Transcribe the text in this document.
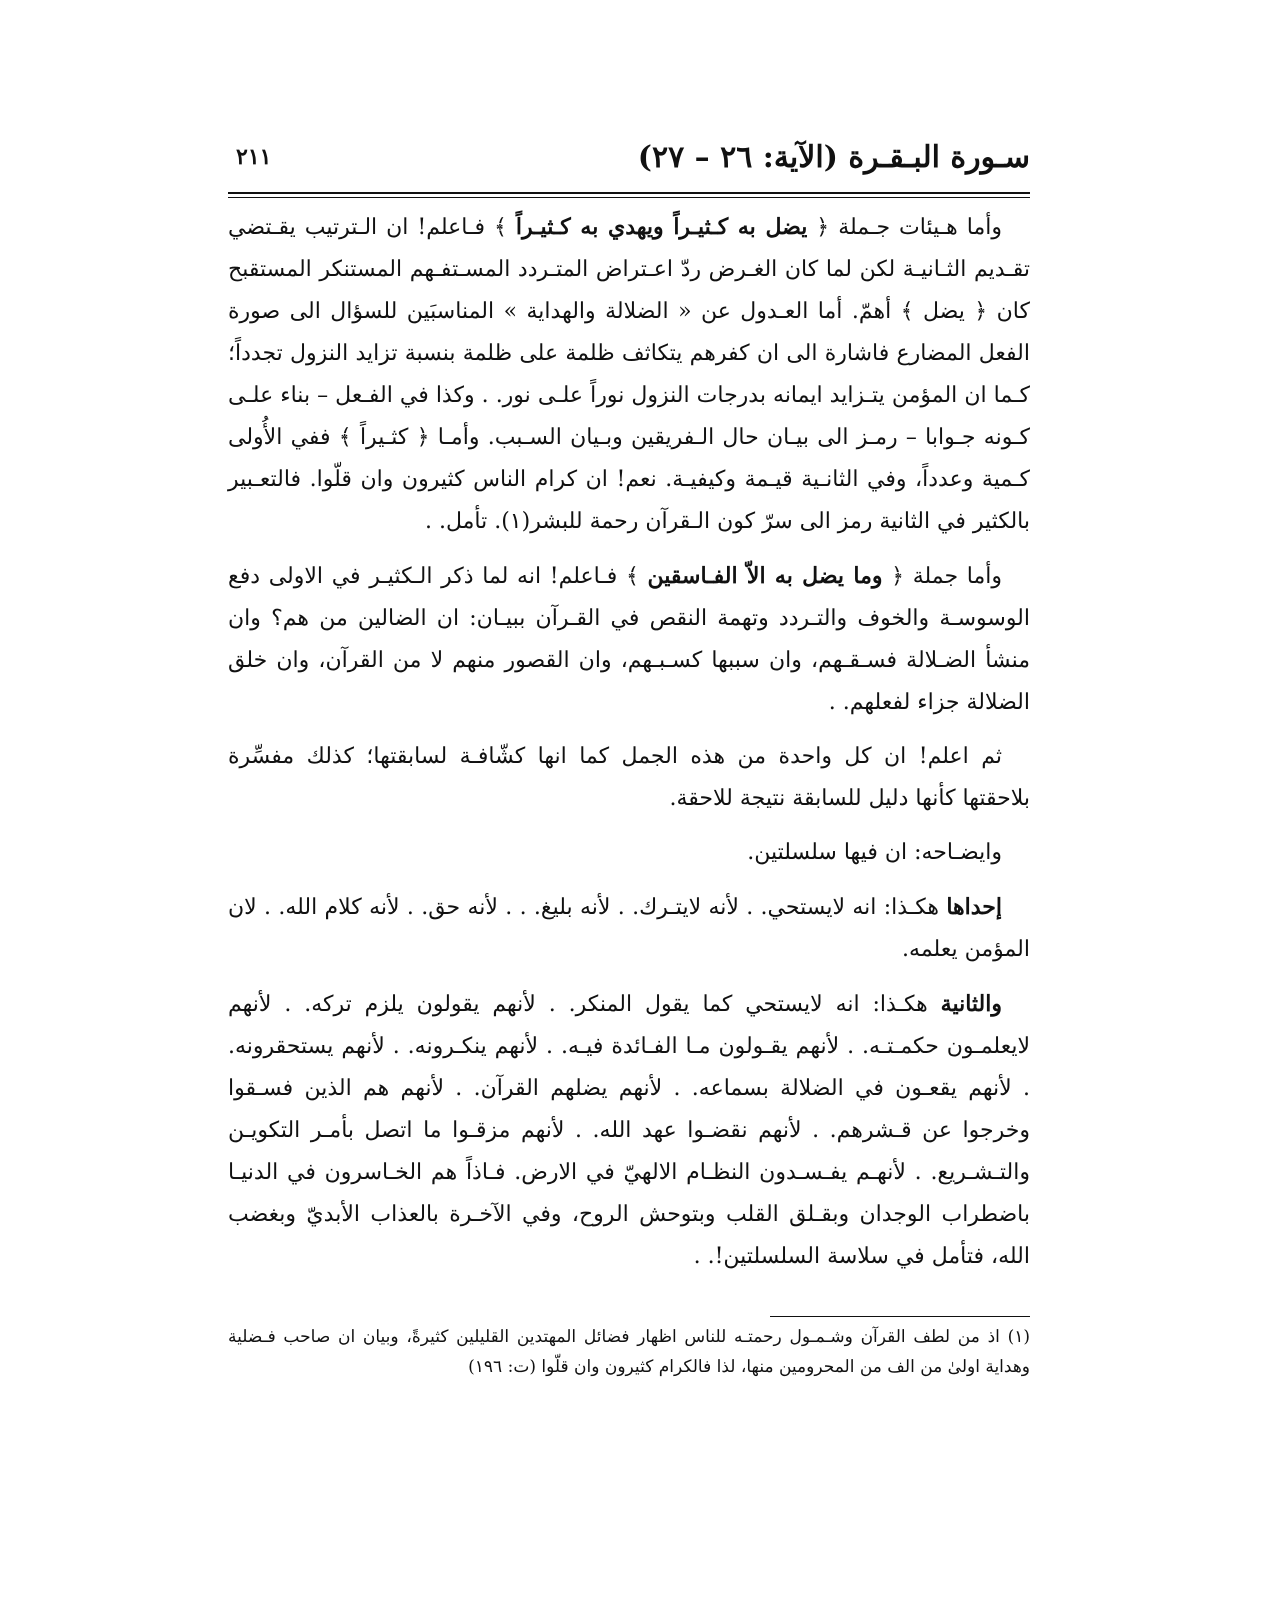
٢١١	سـورة البـقـرة (الآية: ٢٦ – ٢٧)

وأما هـيئات جـملة ﴿ يضل به كـثيـراً ويهدي به كـثيـراً ﴾ فـاعلم! ان الـترتيب يقـتضي تقـديم الثـانيـة لكن لما كان الغـرض ردّ اعـتراض المتـردد المسـتفـهم المستنكر المستقبح كان ﴿ يضل ﴾ أهمّ. أما العـدول عن « الضلالة والهداية » المناسبَين للسؤال الى صورة الفعل المضارع فاشارة الى ان كفرهم يتكاثف ظلمة على ظلمة بنسبة تزايد النزول تجدداً؛ كـما ان المؤمن يتـزايد ايمانه بدرجات النزول نوراً علـى نور. . وكذا في الفـعل – بناء علـى كـونه جـوابا – رمـز الى بيـان حال الـفريقين وبـيان السـبب. وأمـا ﴿ كثـيراً ﴾ ففي الأُولى كـمية وعدداً، وفي الثانـية قيـمة وكيفيـة. نعم! ان كرام الناس كثيرون وان قلّوا. فالتعـبير بالكثير في الثانية رمز الى سرّ كون الـقرآن رحمة للبشر(١). تأمل. .

وأما جملة ﴿ وما يضل به الاّ الفـاسقين ﴾ فـاعلم! انه لما ذكر الـكثيـر في الاولى دفع الوسوسـة والخوف والتـردد وتهمة النقص في القـرآن ببيـان: ان الضالين من هم؟ وان منشأ الضـلالة فسـقـهم، وان سببها كسـبـهم، وان القصور منهم لا من القرآن، وان خلق الضلالة جزاء لفعلهم. .

ثم اعلم! ان كل واحدة من هذه الجمل كما انها كشّافـة لسابقتها؛ كذلك مفسِّرة بلاحقتها كأنها دليل للسابقة نتيجة للاحقة.

وايضـاحه: ان فيها سلسلتين.

إحداها هكـذا: انه لايستحي. . لأنه لايتـرك. . لأنه بليغ. . . لأنه حق. . لأنه كلام الله. . لان المؤمن يعلمه.

والثانية هكـذا: انه لايستحي كما يقول المنكر. . لأنهم يقولون يلزم تركه. . لأنهم لايعلمـون حكمـتـه. . لأنهم يقـولون مـا الفـائدة فيـه. . لأنهم ينكـرونه. . لأنهم يستحقرونه. . لأنهم يقعـون في الضلالة بسماعه. . لأنهم يضلهم القرآن. . لأنهم هم الذين فسـقوا وخرجوا عن قـشرهم. . لأنهم نقضـوا عهد الله. . لأنهم مزقـوا ما اتصل بأمـر التكويـن والتـشـريع. . لأنهـم يفـسـدون النظـام الالهيّ في الارض. فـاذاً هم الخـاسرون في الدنيـا باضطراب الوجدان وبقـلق القلب وبتوحش الروح، وفي الآخـرة بالعذاب الأبديّ وبغضب الله، فتأمل في سلاسة السلسلتين!. .

(١) اذ من لطف القرآن وشـمـول رحمتـه للناس اظهار فضائل المهتدين القليلين كثيرةً، وبيان ان صاحب فـضلية وهداية اولىٰ من الف من المحرومين منها، لذا فالكرام كثيرون وان قلّوا (ت: ١٩٦)
